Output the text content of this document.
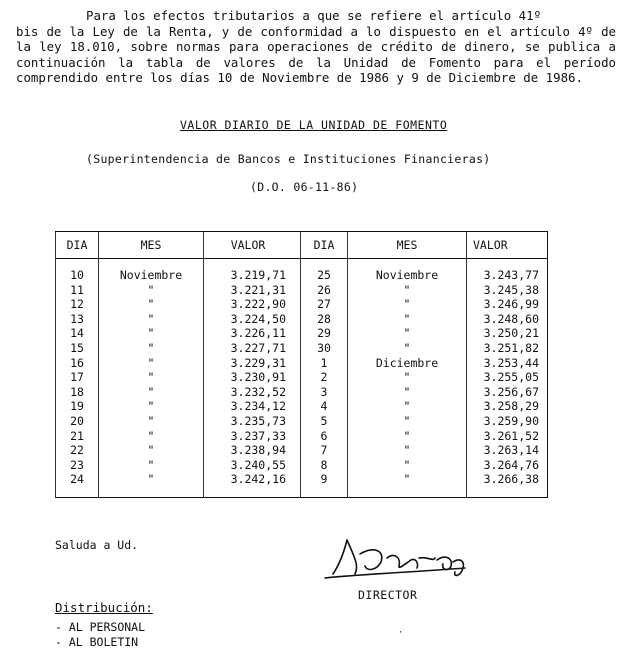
Para los efectos tributarios a que se refiere el artículo 41º

bis de la Ley de la Renta, y de conformidad a lo dispuesto en el artículo 4º de la ley 18.010, sobre normas para operaciones de crédito de dinero, se publica a continuación la tabla de valores de la Unidad de Fomento para el período comprendido entre los días 10 de Noviembre de 1986 y 9 de Diciembre de 1986.

VALOR DIARIO DE LA UNIDAD DE FOMENTO
(Superintendencia de Bancos e Instituciones Financieras)
(D.O. 06-11-86)
DIA	MES	VALOR	DIA	MES	VALOR
10	Noviembre	3.219,71	25	Noviembre	3.243,77
11	"	3.221,31	26	"	3.245,38
12	"	3.222,90	27	"	3.246,99
13	"	3.224,50	28	"	3.248,60
14	"	3.226,11	29	"	3.250,21
15	"	3.227,71	30	"	3.251,82
16	"	3.229,31	1	Diciembre	3.253,44
17	"	3.230,91	2	"	3.255,05
18	"	3.232,52	3	"	3.256,67
19	"	3.234,12	4	"	3.258,29
20	"	3.235,73	5	"	3.259,90
21	"	3.237,33	6	"	3.261,52
22	"	3.238,94	7	"	3.263,14
23	"	3.240,55	8	"	3.264,76
24	"	3.242,16	9	"	3.266,38
Saluda a Ud.
DIRECTOR
Distribución:
- AL PERSONAL
- AL BOLETIN
·
